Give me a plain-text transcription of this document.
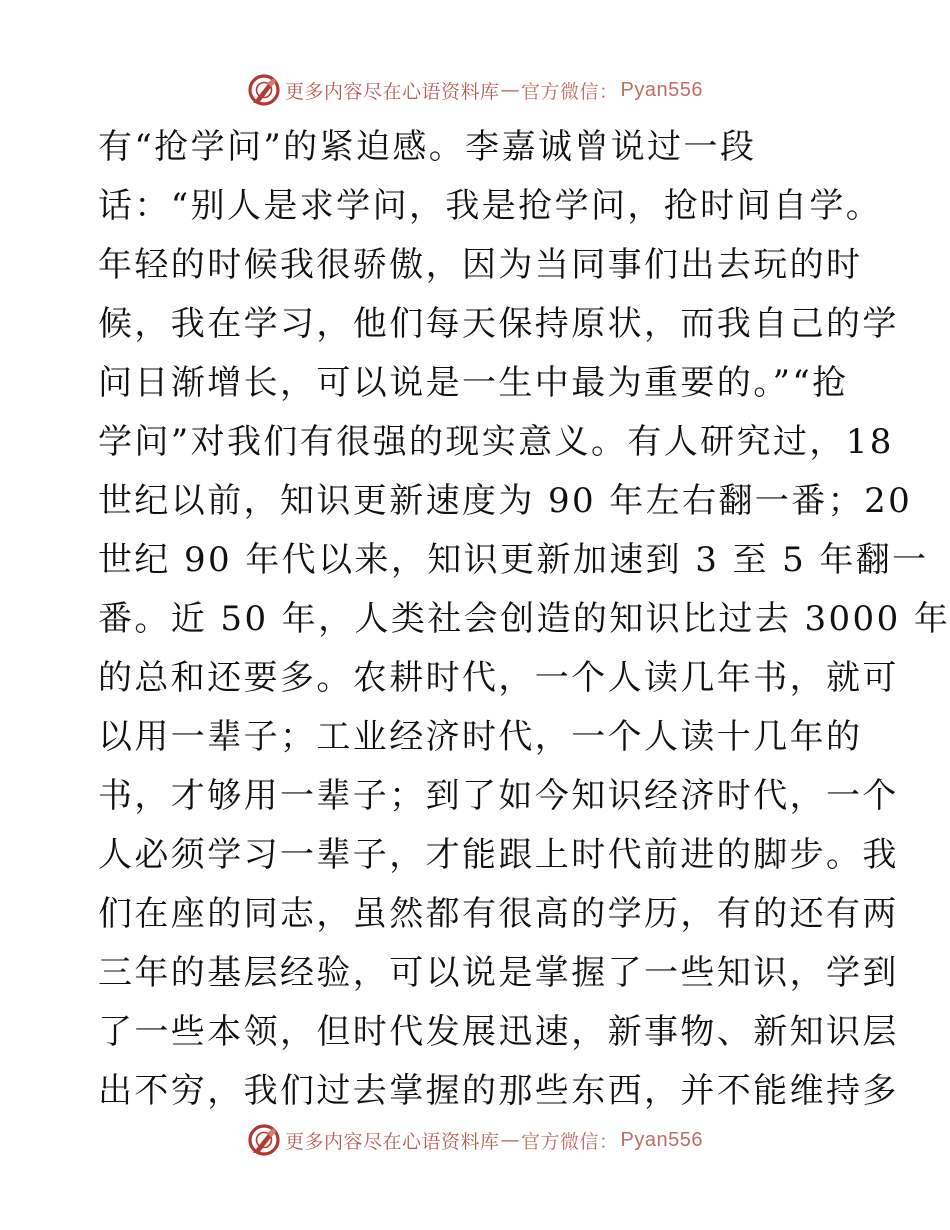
更多内容尽在心语资料库 — 官方微信： Pyan556
有“抢学问”的紧迫感。李嘉诚曾说过一段
话：“别人是求学问，我是抢学问，抢时间自学。
年轻的时候我很骄傲，因为当同事们出去玩的时
候，我在学习，他们每天保持原状，而我自己的学
问日渐增长，可以说是一生中最为重要的。”“抢
学问”对我们有很强的现实意义。有人研究过，18
世纪以前，知识更新速度为 90 年左右翻一番；20
世纪 90 年代以来，知识更新加速到 3 至 5 年翻一
番。近 50 年，人类社会创造的知识比过去 3000 年
的总和还要多。农耕时代，一个人读几年书，就可
以用一辈子；工业经济时代，一个人读十几年的
书，才够用一辈子；到了如今知识经济时代，一个
人必须学习一辈子，才能跟上时代前进的脚步。我
们在座的同志，虽然都有很高的学历，有的还有两
三年的基层经验，可以说是掌握了一些知识，学到
了一些本领，但时代发展迅速，新事物、新知识层
出不穷，我们过去掌握的那些东西，并不能维持多
更多内容尽在心语资料库 — 官方微信： Pyan556
